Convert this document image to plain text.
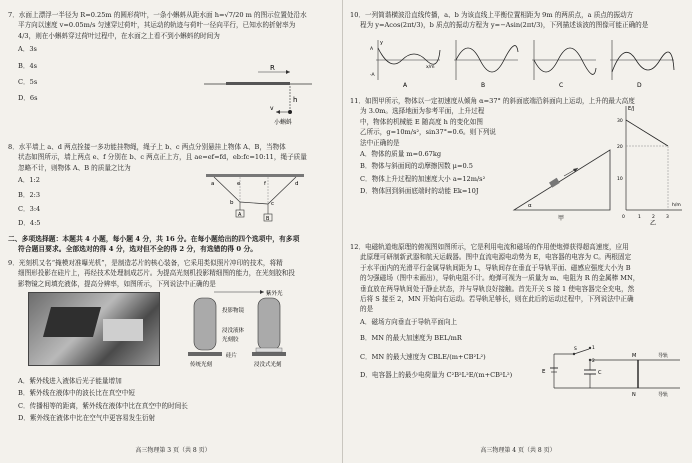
7．水面上漂浮一半径为 R=0.25m 的圆形荷叶，一条小蝌蚪从距水面 h=√7/20 m 的图示位置处沿水

平方向以速度 v=0.05m/s 匀速穿过荷叶，其运动的轨迹与荷叶一径向平行，已知水的折射率为

4/3，则在小蝌蚪穿过荷叶过程中，在水面之上看不到小蝌蚪的时间为

A．3s
B．4s
C．5s
D．6s
R
h
v
小蝌蚪

8．水平墙上 a、d 两点拴接一多功能挂物绳，绳子上 b、c 两点分别悬挂上物体 A、B，当物体

状态如图所示，墙上两点 e、f 分别在 b、c 两点正上方，且 ae=ef=fd，eb:fc=10:11，绳子质量

忽略不计，则物体 A、B 的质量之比为

A．1:2
B．2:3
C．3:4
D．4:5
a	e	f	d
b	c
A
B
二、多项选择题：本题共 4 小题，每小题 4 分，共 16 分。在每小题给出的四个选项中，有多项
符合题目要求。全部选对的得 4 分，选对但不全的得 2 分，有选错的得 0 分。

9．光刻机又名“掩模对准曝光机”，是制造芯片的核心装备，它采用类似照片冲印的技术，将精

细图形投影在硅片上，再经技术处理制成芯片。为提高光刻机投影精细图的能力，在光刻胶和投

影物镜之间填充液体，提高分辨率，如图所示，下列说法中正确的是

紫外光
投影物镜
浸没液体
光刻胶
硅片
传统光刻	浸没式光刻
A．紫外线进入液体后光子能量增加
B．紫外线在液体中的波长比在真空中短
C．传播相等的距离，紫外线在液体中比在真空中的时间长
D．紫外线在液体中比在空气中更容易发生衍射
高三物理第 3 页（共 8 页）

10．一列简谐横波沿直线传播，a、b 为该直线上平衡位置相距为 9m 的两质点，a 质点的振动方

程为 y=Acos(2πt/3)，b 质点的振动方程为 y=−Asin(2πt/3)，下列描述该波的图像可能正确的是

A	B	C	D
y
x/m
A
-A

11．如图甲所示，物体以一定初速度从倾角 α=37° 的斜面底端沿斜面向上运动，上升的最大高度

为 3.0m。选择地面为参考平面，上升过程

中，物体的机械能 E 随高度 h 的变化如图

乙所示，g=10m/s²，sin37°=0.6。则下列说

法中正确的是

A．物体的质量 m=0.67kg
B．物体与斜面间的动摩擦因数 μ=0.5
C．物体上升过程的加速度大小 a=12m/s²
D．物体回到斜面底端时的动能 Ek=10J
α
甲
E/J
30
20
10
0	1 2 3
h/m
乙

12．电磁轨道炮原理的俯视图如图所示，它是利用电流和磁场的作用使炮弹获得超高速度，应用

此原理可研制新武器和航天运载器。图中直流电源电动势为 E，电容器的电容为 C。两根固定

于水平面内的光滑平行金属导轨间距为 L，导轨间存在垂直于导轨平面、磁感应强度大小为 B

的匀强磁场（图中未画出），导轨电阻不计。炮弹可视为一质量为 m、电阻为 R 的金属棒 MN，

垂直放在两导轨间处于静止状态，并与导轨良好接触。首先开关 S 接 1 使电容器完全充电，然

后将 S 接至 2，MN 开始向右运动。若导轨足够长，则在此后的运动过程中，下列说法中正确

的是

A．磁场方向垂直于导轨平面向上
B．MN 的最大加速度为 BEL/mR
C．MN 的最大速度为 CBLE/(m+CB²L²)
D．电容器上的最少电荷量为 C²B²L²E/(m+CB²L²)	E
1
2
S
C
M
N
导轨
导轨
高三物理第 4 页（共 8 页）
